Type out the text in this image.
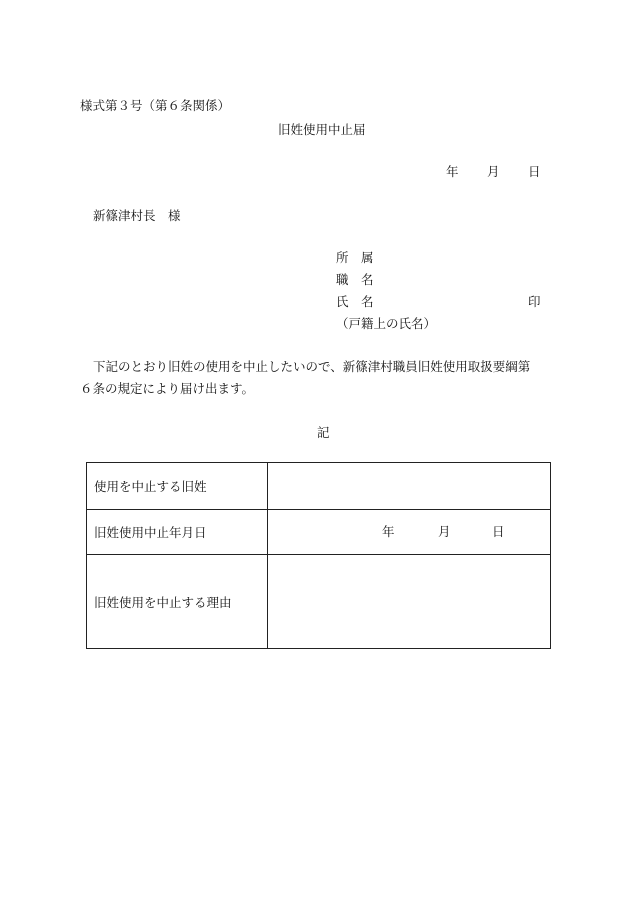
様式第３号（第６条関係）
旧姓使用中止届
年 月 日
新篠津村長　様
所　属
職　名
氏　名	印
（戸籍上の氏名）
下記のとおり旧姓の使用を中止したいので、新篠津村職員旧姓使用取扱要綱第
６条の規定により届け出ます。
記
使用を中止する旧姓	
旧姓使用中止年月日	年 月 日

旧姓使用を中止する理由	
